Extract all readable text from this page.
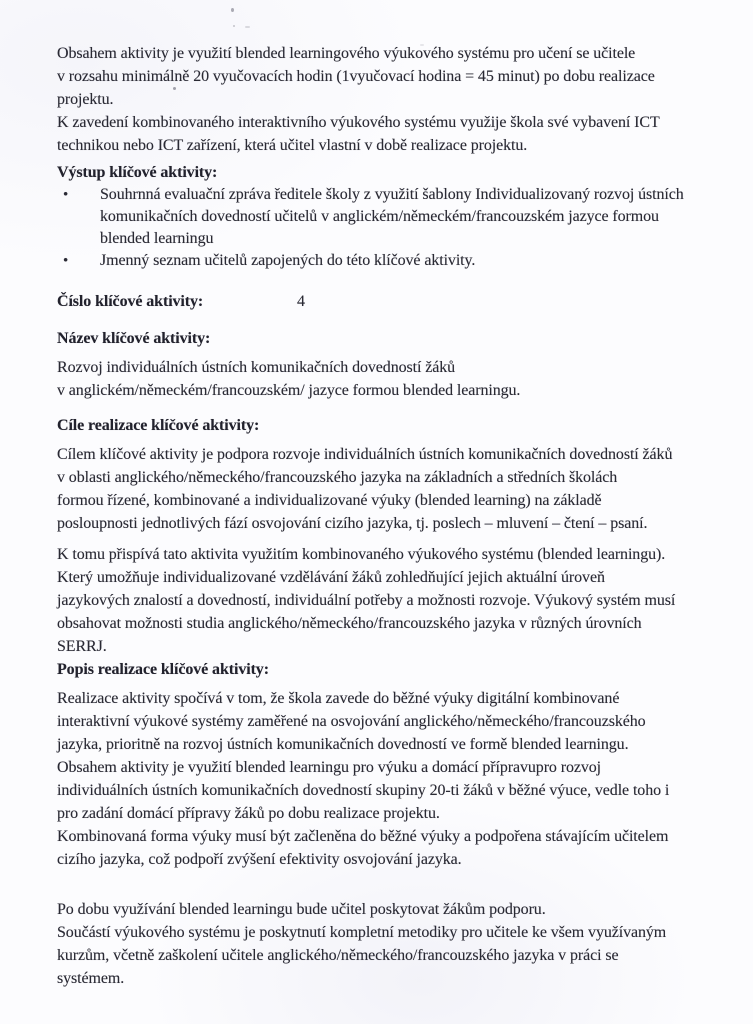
Obsahem aktivity je využití blended learningového výukového systému pro učení se učitele
v rozsahu minimálně 20 vyučovacích hodin (1vyučovací hodina = 45 minut) po dobu realizace
projektu.
K zavedení kombinovaného interaktivního výukového systému využije škola své vybavení ICT
technikou nebo ICT zařízení, která učitel vlastní v době realizace projektu.
Výstup klíčové aktivity:
• Souhrnná evaluační zpráva ředitele školy z využití šablony Individualizovaný rozvoj ústních
komunikačních dovedností učitelů v anglickém/německém/francouzském jazyce formou
blended learningu
• Jmenný seznam učitelů zapojených do této klíčové aktivity.
Číslo klíčové aktivity:	4
Název klíčové aktivity:
Rozvoj individuálních ústních komunikačních dovedností žáků
v anglickém/německém/francouzském/ jazyce formou blended learningu.
Cíle realizace klíčové aktivity:
Cílem klíčové aktivity je podpora rozvoje individuálních ústních komunikačních dovedností žáků
v oblasti anglického/německého/francouzského jazyka na základních a středních školách
formou řízené, kombinované a individualizované výuky (blended learning) na základě
posloupnosti jednotlivých fází osvojování cizího jazyka, tj. poslech – mluvení – čtení – psaní.
K tomu přispívá tato aktivita využitím kombinovaného výukového systému (blended learningu).
Který umožňuje individualizované vzdělávání žáků zohledňující jejich aktuální úroveň
jazykových znalostí a dovedností, individuální potřeby a možnosti rozvoje. Výukový systém musí
obsahovat možnosti studia anglického/německého/francouzského jazyka v různých úrovních
SERRJ.
Popis realizace klíčové aktivity:
Realizace aktivity spočívá v tom, že škola zavede do běžné výuky digitální kombinované
interaktivní výukové systémy zaměřené na osvojování anglického/německého/francouzského
jazyka, prioritně na rozvoj ústních komunikačních dovedností ve formě blended learningu.
Obsahem aktivity je využití blended learningu pro výuku a domácí přípravupro rozvoj
individuálních ústních komunikačních dovedností skupiny 20-ti žáků v běžné výuce, vedle toho i
pro zadání domácí přípravy žáků po dobu realizace projektu.
Kombinovaná forma výuky musí být začleněna do běžné výuky a podpořena stávajícím učitelem
cizího jazyka, což podpoří zvýšení efektivity osvojování jazyka.
Po dobu využívání blended learningu bude učitel poskytovat žákům podporu.
Součástí výukového systému je poskytnutí kompletní metodiky pro učitele ke všem využívaným
kurzům, včetně zaškolení učitele anglického/německého/francouzského jazyka v práci se
systémem.
